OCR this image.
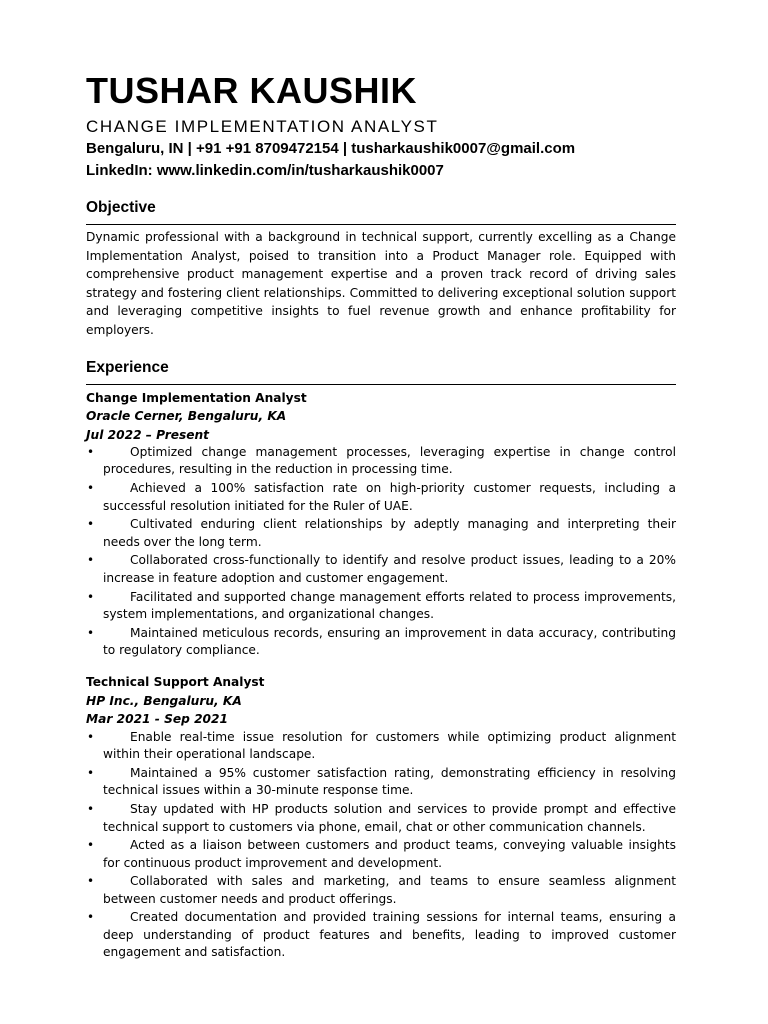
TUSHAR KAUSHIK
CHANGE IMPLEMENTATION ANALYST
Bengaluru, IN | +91 +91 8709472154 | tusharkaushik0007@gmail.com
LinkedIn: www.linkedin.com/in/tusharkaushik0007
Objective
Dynamic professional with a background in technical support, currently excelling as a Change Implementation Analyst, poised to transition into a Product Manager role. Equipped with comprehensive product management expertise and a proven track record of driving sales strategy and fostering client relationships. Committed to delivering exceptional solution support and leveraging competitive insights to fuel revenue growth and enhance profitability for employers.
Experience
Change Implementation Analyst
Oracle Cerner, Bengaluru, KA
Jul 2022 – Present
•	Optimized change management processes, leveraging expertise in change control procedures, resulting in the reduction in processing time.
•	Achieved a 100% satisfaction rate on high-priority customer requests, including a successful resolution initiated for the Ruler of UAE.
•	Cultivated enduring client relationships by adeptly managing and interpreting their needs over the long term.
•	Collaborated cross-functionally to identify and resolve product issues, leading to a 20% increase in feature adoption and customer engagement.
•	Facilitated and supported change management efforts related to process improvements, system implementations, and organizational changes.
•	Maintained meticulous records, ensuring an improvement in data accuracy, contributing to regulatory compliance.
Technical Support Analyst
HP Inc., Bengaluru, KA
Mar 2021 - Sep 2021
•	Enable real-time issue resolution for customers while optimizing product alignment within their operational landscape.
•	Maintained a 95% customer satisfaction rating, demonstrating efficiency in resolving technical issues within a 30-minute response time.
•	Stay updated with HP products solution and services to provide prompt and effective technical support to customers via phone, email, chat or other communication channels.
•	Acted as a liaison between customers and product teams, conveying valuable insights for continuous product improvement and development.
•	Collaborated with sales and marketing, and teams to ensure seamless alignment between customer needs and product offerings.
•	Created documentation and provided training sessions for internal teams, ensuring a deep understanding of product features and benefits, leading to improved customer engagement and satisfaction.
